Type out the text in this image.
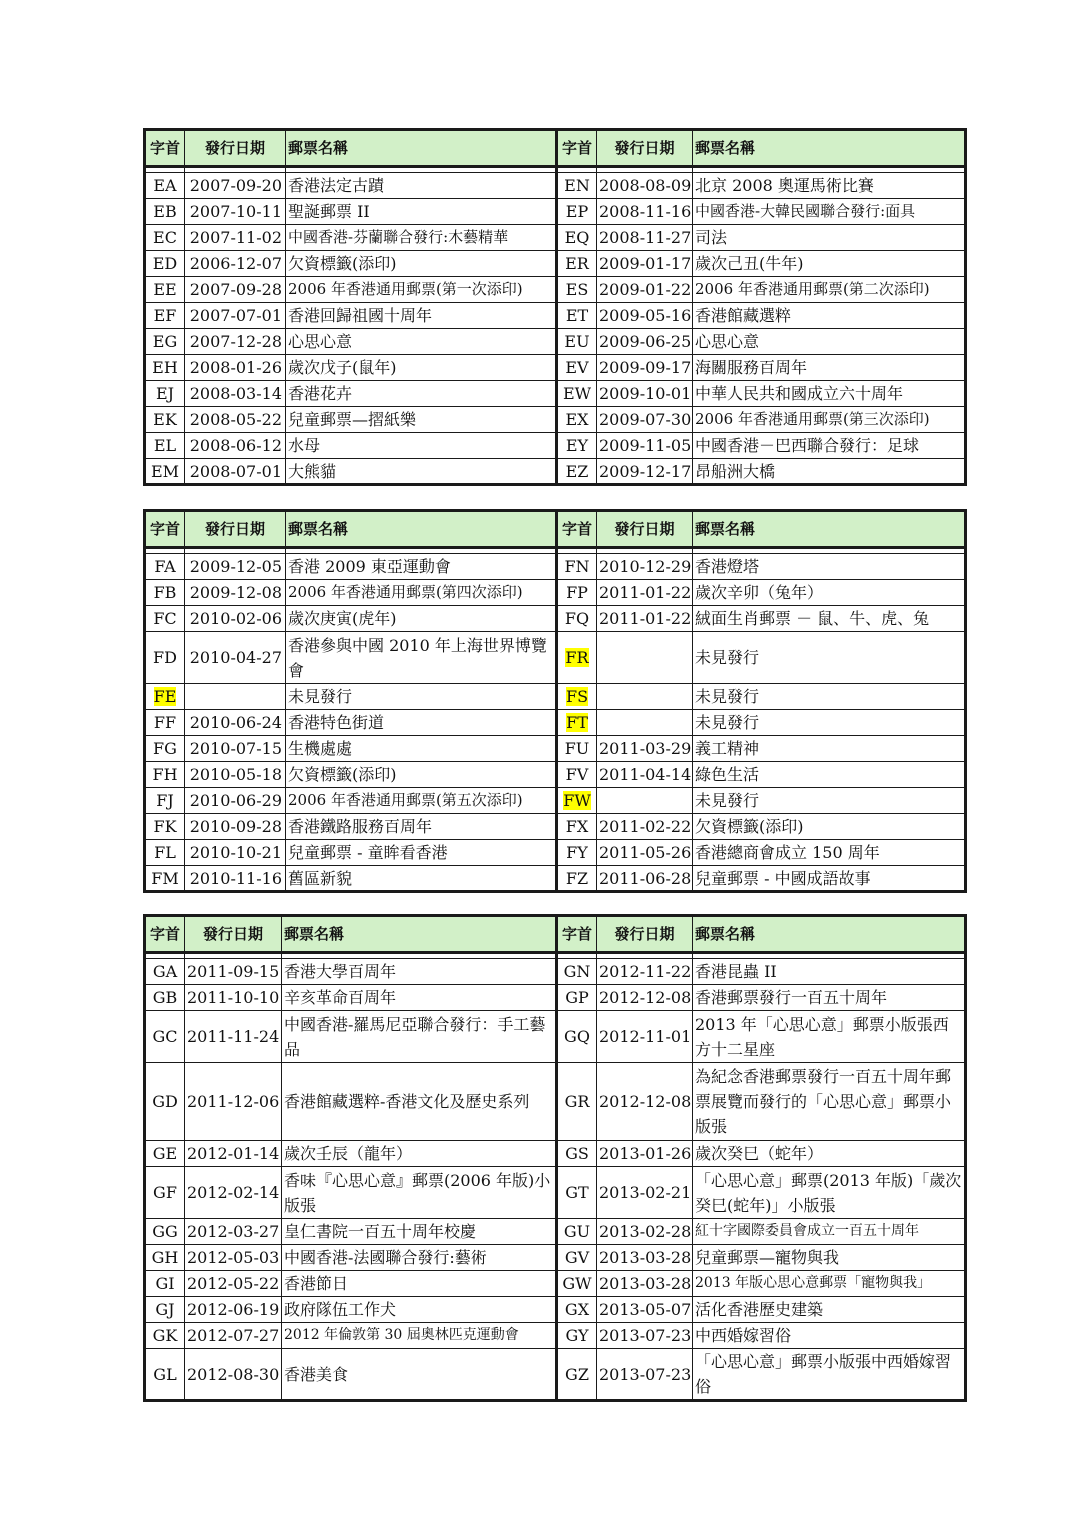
字首	發行日期	郵票名稱	字首	發行日期	郵票名稱

EA	2007-09-20	香港法定古蹟	EN	2008-08-09	北京 2008 奧運馬術比賽
EB	2007-10-11	聖誕郵票 II	EP	2008-11-16	中國香港-大韓民國聯合發行:面具
EC	2007-11-02	中國香港-芬蘭聯合發行:木藝精華	EQ	2008-11-27	司法
ED	2006-12-07	欠資標籤(添印)	ER	2009-01-17	歲次己丑(牛年)
EE	2007-09-28	2006 年香港通用郵票(第一次添印)	ES	2009-01-22	2006 年香港通用郵票(第二次添印)
EF	2007-07-01	香港回歸祖國十周年	ET	2009-05-16	香港館藏選粹
EG	2007-12-28	心思心意	EU	2009-06-25	心思心意
EH	2008-01-26	歲次戊子(鼠年)	EV	2009-09-17	海關服務百周年
EJ	2008-03-14	香港花卉	EW	2009-10-01	中華人民共和國成立六十周年
EK	2008-05-22	兒童郵票—摺紙樂	EX	2009-07-30	2006 年香港通用郵票(第三次添印)
EL	2008-06-12	水母	EY	2009-11-05	中國香港－巴西聯合發行：足球
EM	2008-07-01	大熊貓	EZ	2009-12-17	昂船洲大橋
字首	發行日期	郵票名稱	字首	發行日期	郵票名稱

FA	2009-12-05	香港 2009 東亞運動會	FN	2010-12-29	香港燈塔
FB	2009-12-08	2006 年香港通用郵票(第四次添印)	FP	2011-01-22	歲次辛卯（兔年）
FC	2010-02-06	歲次庚寅(虎年)	FQ	2011-01-22	絨面生肖郵票 － 鼠、牛、虎、兔
FD	2010-04-27	香港參與中國 2010 年上海世界博覽會	FR		未見發行
FE		未見發行	FS		未見發行
FF	2010-06-24	香港特色街道	FT		未見發行
FG	2010-07-15	生機處處	FU	2011-03-29	義工精神
FH	2010-05-18	欠資標籤(添印)	FV	2011-04-14	綠色生活
FJ	2010-06-29	2006 年香港通用郵票(第五次添印)	FW		未見發行
FK	2010-09-28	香港鐵路服務百周年	FX	2011-02-22	欠資標籤(添印)
FL	2010-10-21	兒童郵票 - 童眸看香港	FY	2011-05-26	香港總商會成立 150 周年
FM	2010-11-16	舊區新貌	FZ	2011-06-28	兒童郵票 - 中國成語故事
字首	發行日期	郵票名稱	字首	發行日期	郵票名稱

GA	2011-09-15	香港大學百周年	GN	2012-11-22	香港昆蟲 II
GB	2011-10-10	辛亥革命百周年	GP	2012-12-08	香港郵票發行一百五十周年
GC	2011-11-24	中國香港-羅馬尼亞聯合發行：手工藝品	GQ	2012-11-01	2013 年「心思心意」郵票小版張西方十二星座
GD	2011-12-06	香港館藏選粹-香港文化及歷史系列	GR	2012-12-08	為紀念香港郵票發行一百五十周年郵票展覽而發行的「心思心意」郵票小版張
GE	2012-01-14	歲次壬辰（龍年）	GS	2013-01-26	歲次癸巳（蛇年）
GF	2012-02-14	香味『心思心意』郵票(2006 年版)小版張	GT	2013-02-21	「心思心意」郵票(2013 年版)「歲次癸巳(蛇年)」小版張
GG	2012-03-27	皇仁書院一百五十周年校慶	GU	2013-02-28	紅十字國際委員會成立一百五十周年
GH	2012-05-03	中國香港-法國聯合發行:藝術	GV	2013-03-28	兒童郵票—寵物與我
GI	2012-05-22	香港節日	GW	2013-03-28	2013 年版心思心意郵票「寵物與我」
GJ	2012-06-19	政府隊伍工作犬	GX	2013-05-07	活化香港歷史建築
GK	2012-07-27	2012 年倫敦第 30 屆奧林匹克運動會	GY	2013-07-23	中西婚嫁習俗
GL	2012-08-30	香港美食	GZ	2013-07-23	「心思心意」郵票小版張中西婚嫁習俗
